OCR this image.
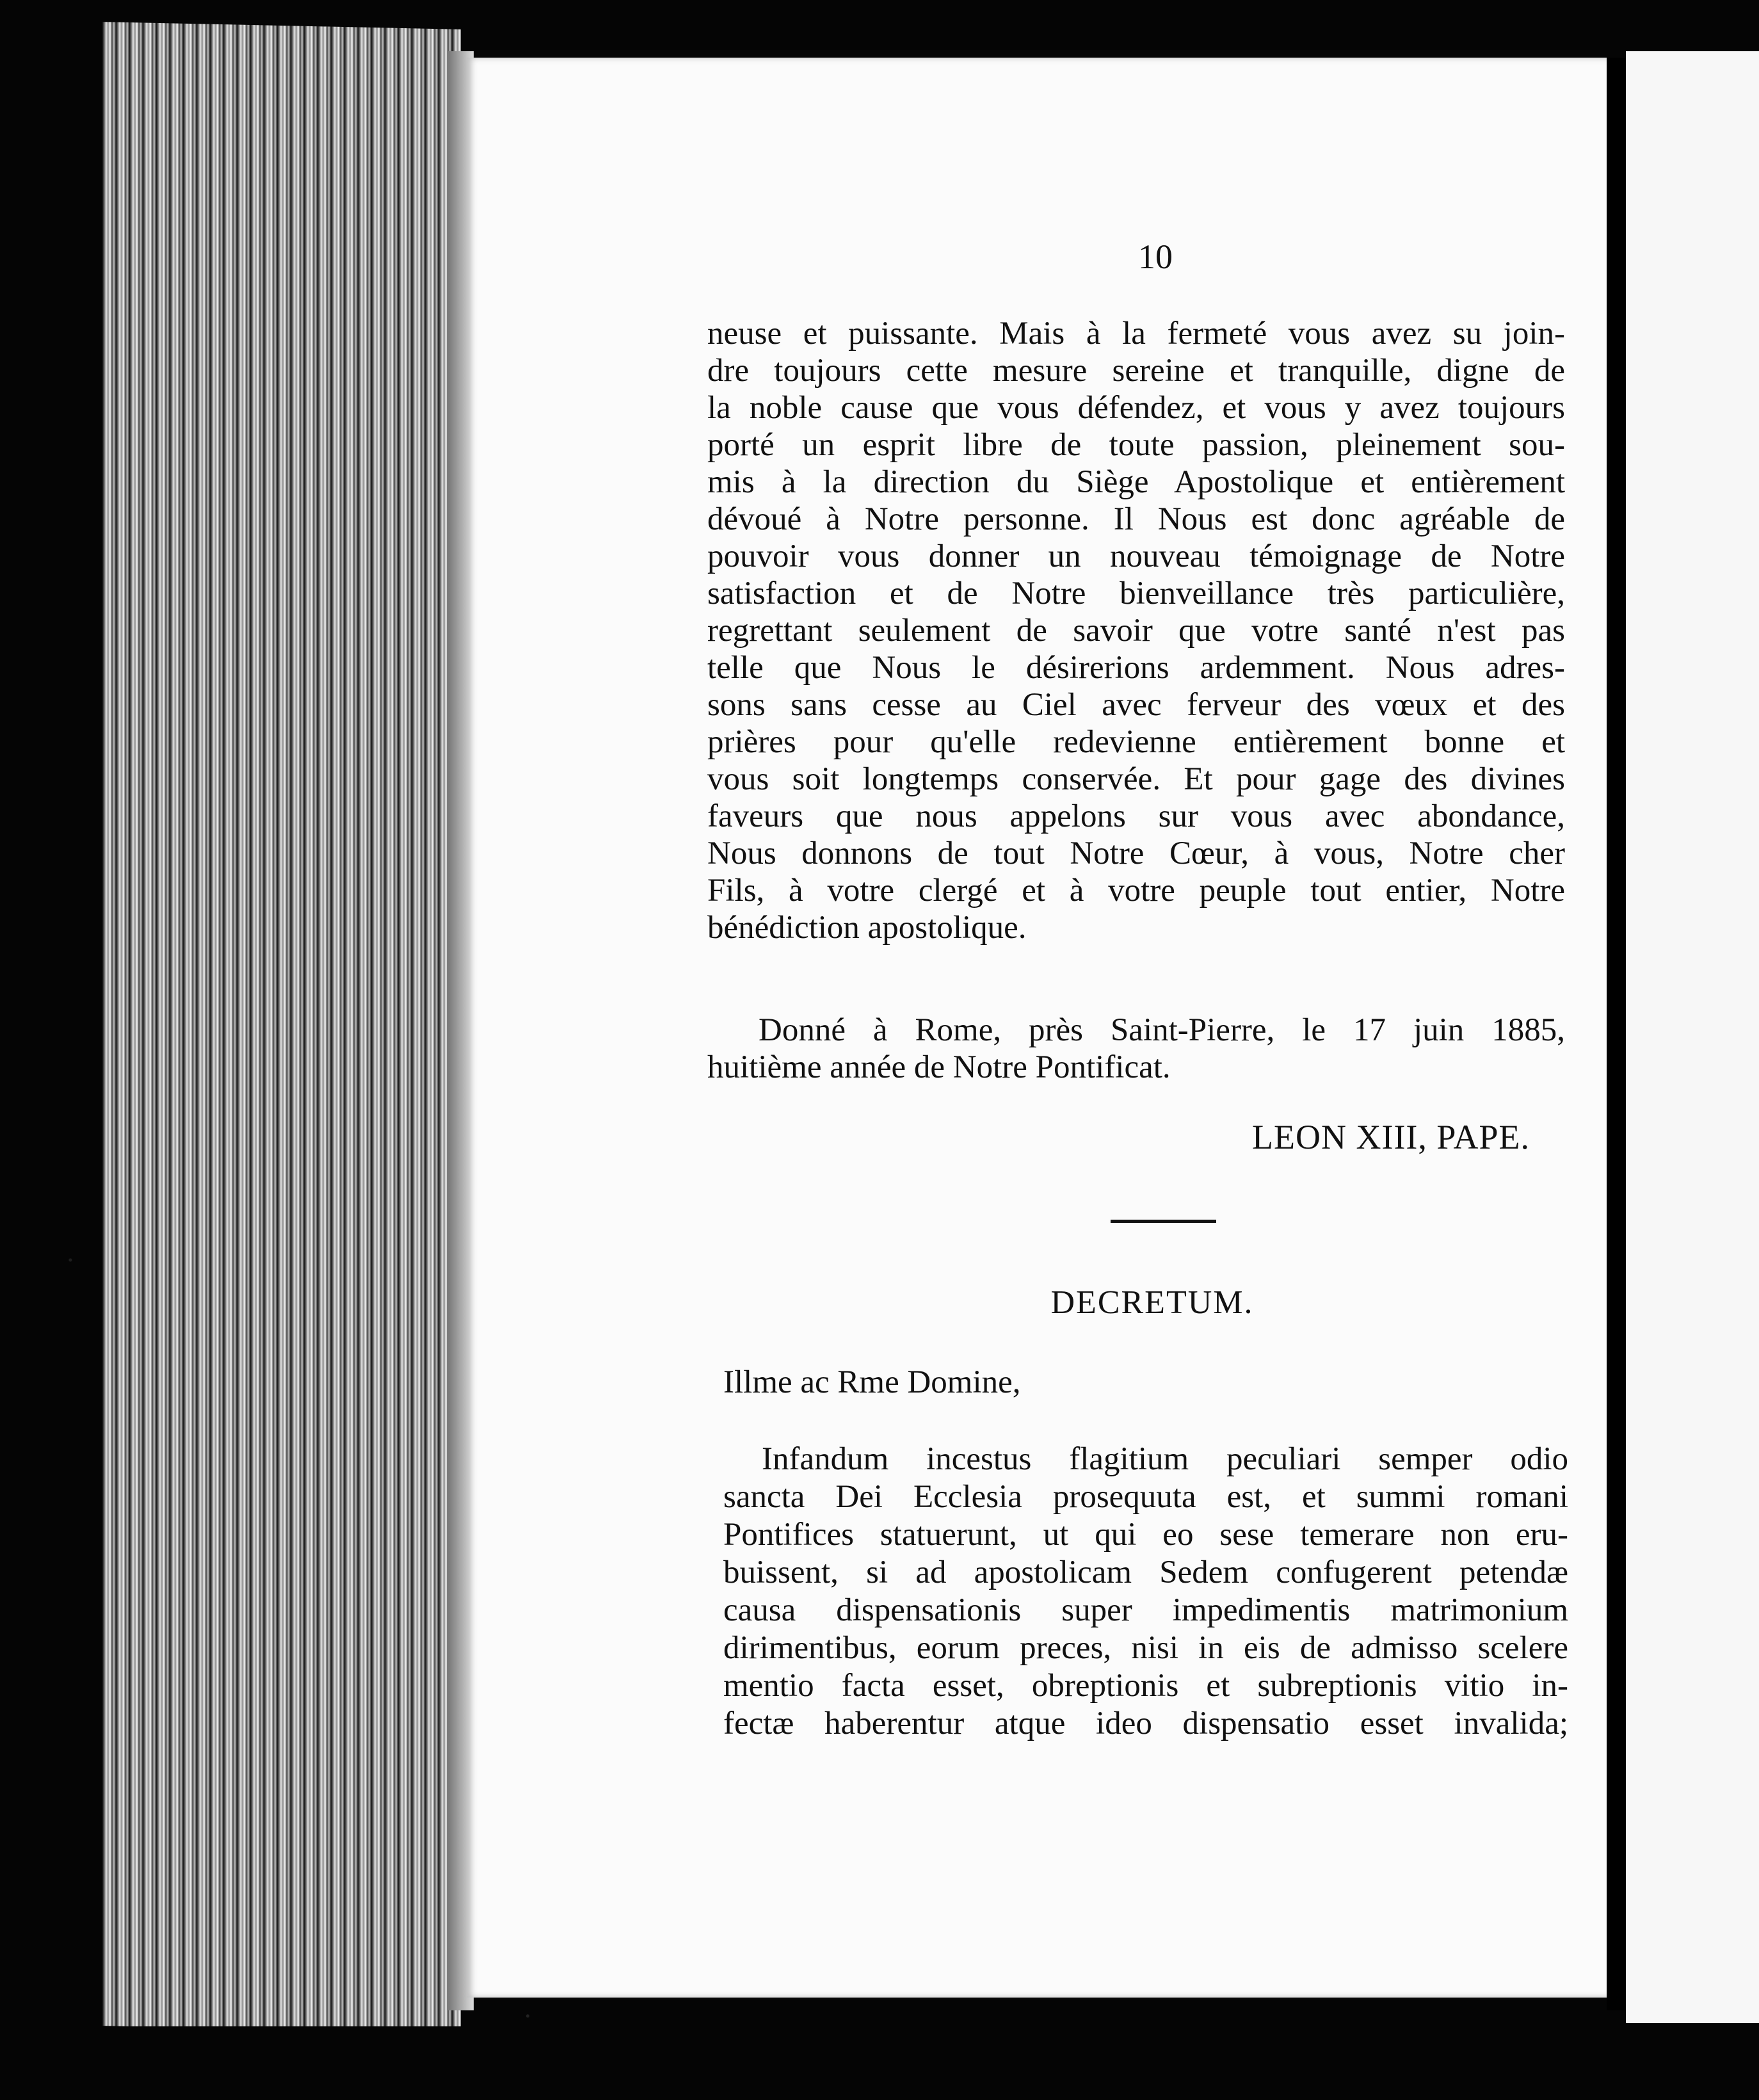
10
neuse et puissante. Mais à la fermeté vous avez su join-
dre toujours cette mesure sereine et tranquille, digne de
la noble cause que vous défendez, et vous y avez toujours
porté un esprit libre de toute passion, pleinement sou-
mis à la direction du Siège Apostolique et entièrement
dévoué à Notre personne. Il Nous est donc agréable de
pouvoir vous donner un nouveau témoignage de Notre
satisfaction et de Notre bienveillance très particulière,
regrettant seulement de savoir que votre santé n'est pas
telle que Nous le désirerions ardemment. Nous adres-
sons sans cesse au Ciel avec ferveur des vœux et des
prières pour qu'elle redevienne entièrement bonne et
vous soit longtemps conservée. Et pour gage des divines
faveurs que nous appelons sur vous avec abondance,
Nous donnons de tout Notre Cœur, à vous, Notre cher
Fils, à votre clergé et à votre peuple tout entier, Notre
bénédiction apostolique.
Donné à Rome, près Saint-Pierre, le 17 juin 1885,
huitième année de Notre Pontificat.
LEON XIII, PAPE.
DECRETUM.
Illme ac Rme Domine,
Infandum incestus flagitium peculiari semper odio
sancta Dei Ecclesia prosequuta est, et summi romani
Pontifices statuerunt, ut qui eo sese temerare non eru-
buissent, si ad apostolicam Sedem confugerent petendæ
causa dispensationis super impedimentis matrimonium
dirimentibus, eorum preces, nisi in eis de admisso scelere
mentio facta esset, obreptionis et subreptionis vitio in-
fectæ haberentur atque ideo dispensatio esset invalida;
